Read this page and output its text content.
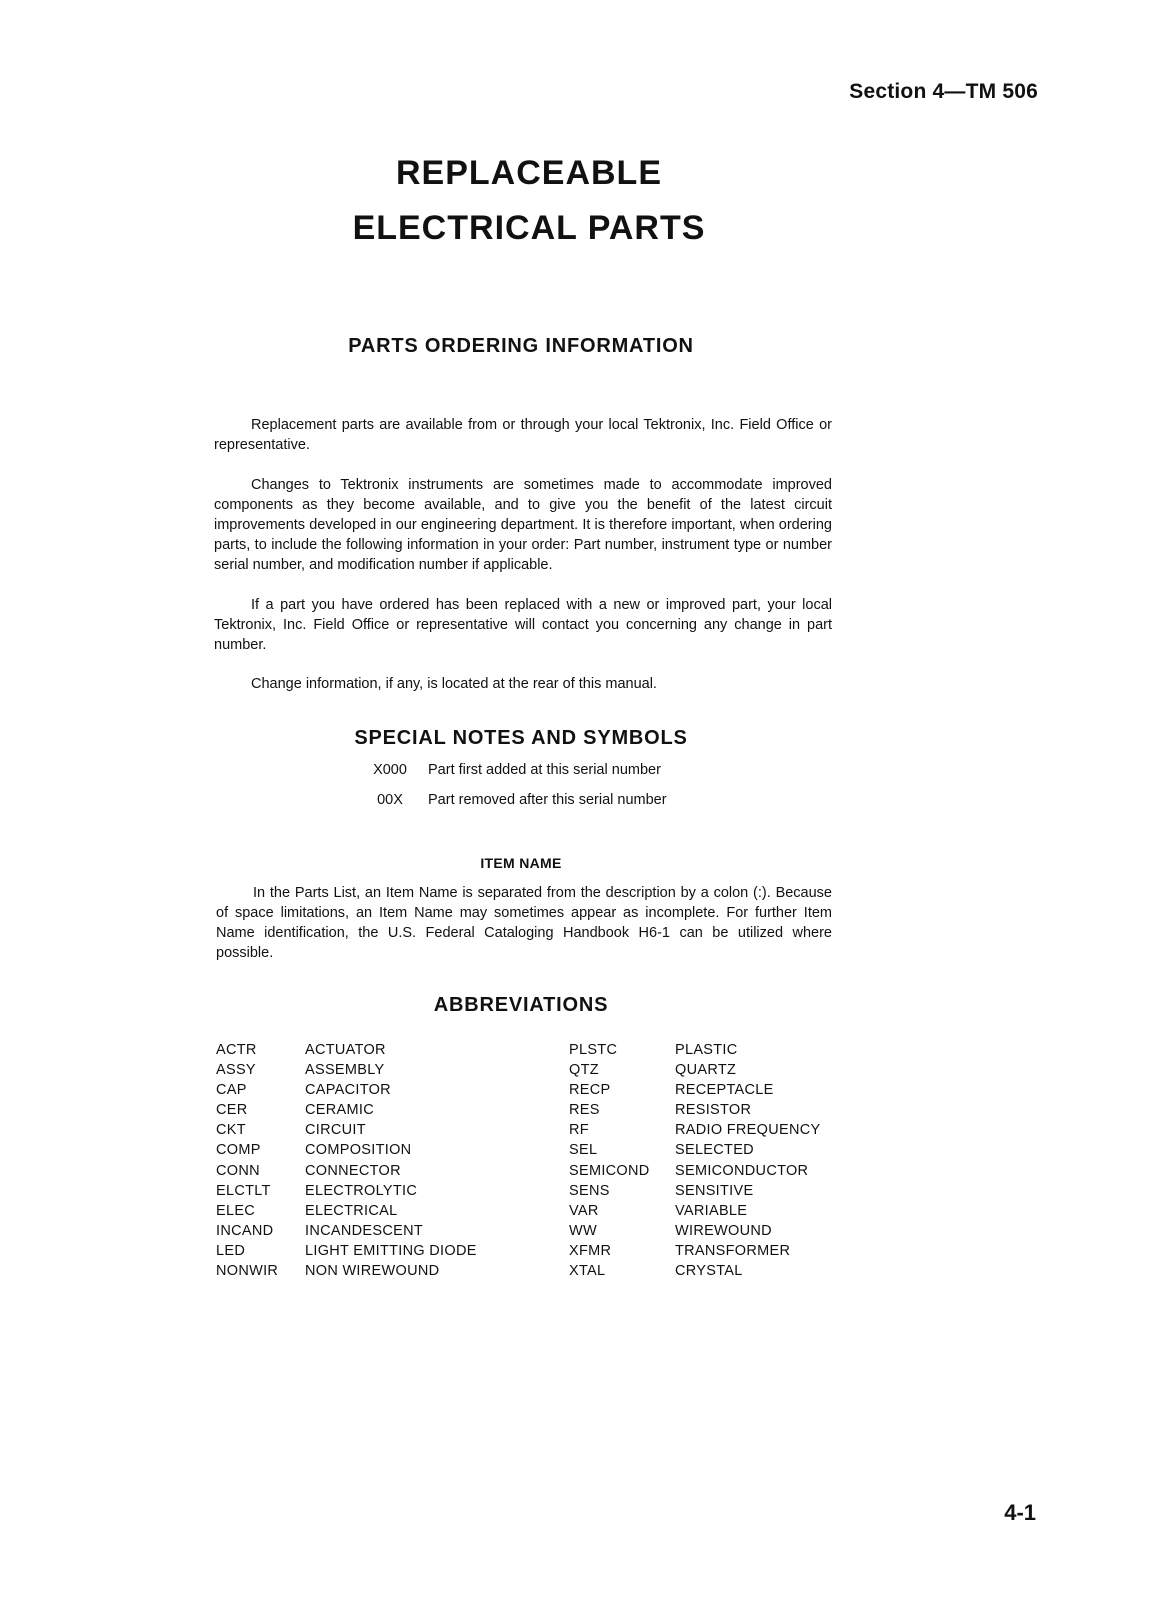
Section 4—TM 506
REPLACEABLE
ELECTRICAL PARTS
PARTS ORDERING INFORMATION

Replacement parts are available from or through your local Tektronix, Inc. Field Office or representative.

Changes to Tektronix instruments are sometimes made to accommodate improved components as they become available, and to give you the benefit of the latest circuit improvements developed in our engineering department. It is therefore important, when ordering parts, to include the following information in your order: Part number, instrument type or number serial number, and modification number if applicable.

If a part you have ordered has been replaced with a new or improved part, your local Tektronix, Inc. Field Office or representative will contact you concerning any change in part number.

Change information, if any, is located at the rear of this manual.

SPECIAL NOTES AND SYMBOLS
X000	Part first added at this serial number
00X	Part removed after this serial number
ITEM NAME

In the Parts List, an Item Name is separated from the description by a colon (:). Because of space limitations, an Item Name may sometimes appear as incomplete. For further Item Name identification, the U.S. Federal Cataloging Handbook H6-1 can be utilized where possible.

ABBREVIATIONS
ACTR	ACTUATOR	PLSTC	PLASTIC
ASSY	ASSEMBLY	QTZ	QUARTZ
CAP	CAPACITOR	RECP	RECEPTACLE
CER	CERAMIC	RES	RESISTOR
CKT	CIRCUIT	RF	RADIO FREQUENCY
COMP	COMPOSITION	SEL	SELECTED
CONN	CONNECTOR	SEMICOND	SEMICONDUCTOR
ELCTLT	ELECTROLYTIC	SENS	SENSITIVE
ELEC	ELECTRICAL	VAR	VARIABLE
INCAND	INCANDESCENT	WW	WIREWOUND
LED	LIGHT EMITTING DIODE	XFMR	TRANSFORMER
NONWIR	NON WIREWOUND	XTAL	CRYSTAL
4-1
